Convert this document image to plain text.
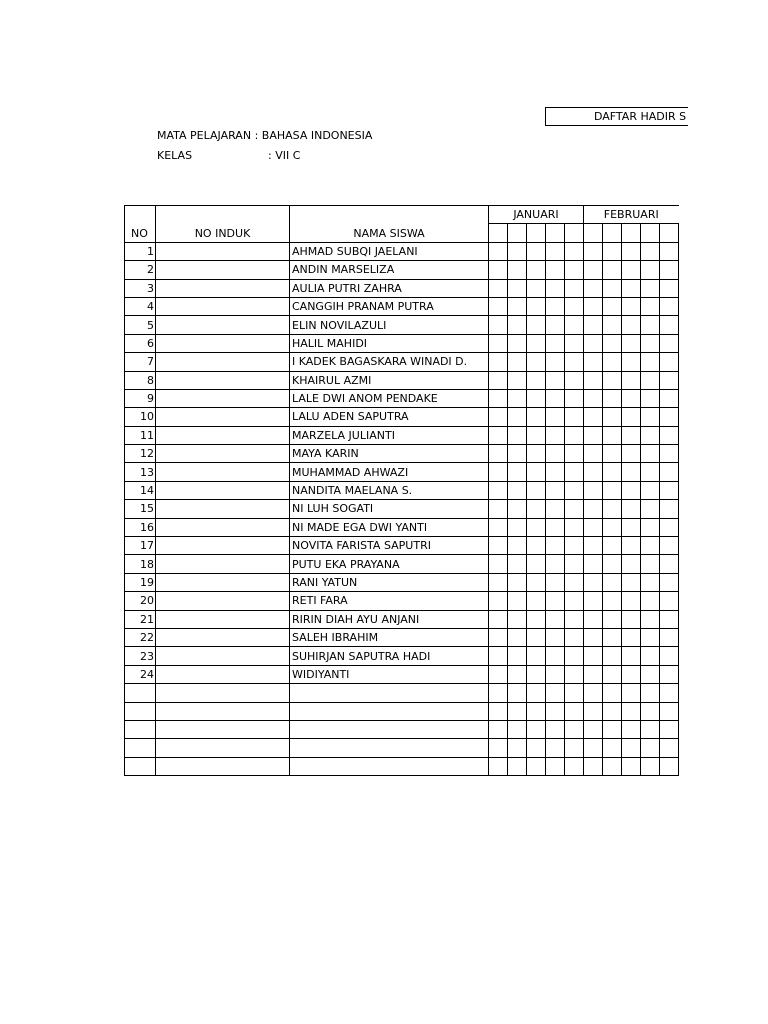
DAFTAR HADIR S
MATA PELAJARAN : BAHASA INDONESIA
KELAS	: VII C
NO	NO INDUK	NAMA SISWA	JANUARI					FEBRUARI				

1		AHMAD SUBQI JAELANI										
2		ANDIN MARSELIZA										
3		AULIA PUTRI ZAHRA										
4		CANGGIH PRANAM PUTRA										
5		ELIN NOVILAZULI										
6		HALIL MAHIDI										
7		I KADEK BAGASKARA WINADI D.										
8		KHAIRUL AZMI										
9		LALE DWI ANOM PENDAKE										
10		LALU ADEN SAPUTRA										
11		MARZELA JULIANTI										
12		MAYA KARIN										
13		MUHAMMAD AHWAZI										
14		NANDITA MAELANA S.										
15		NI LUH SOGATI										
16		NI MADE EGA DWI YANTI										
17		NOVITA FARISTA SAPUTRI										
18		PUTU EKA PRAYANA										
19		RANI YATUN										
20		RETI FARA										
21		RIRIN DIAH AYU ANJANI										
22		SALEH IBRAHIM										
23		SUHIRJAN SAPUTRA HADI										
24		WIDIYANTI										
